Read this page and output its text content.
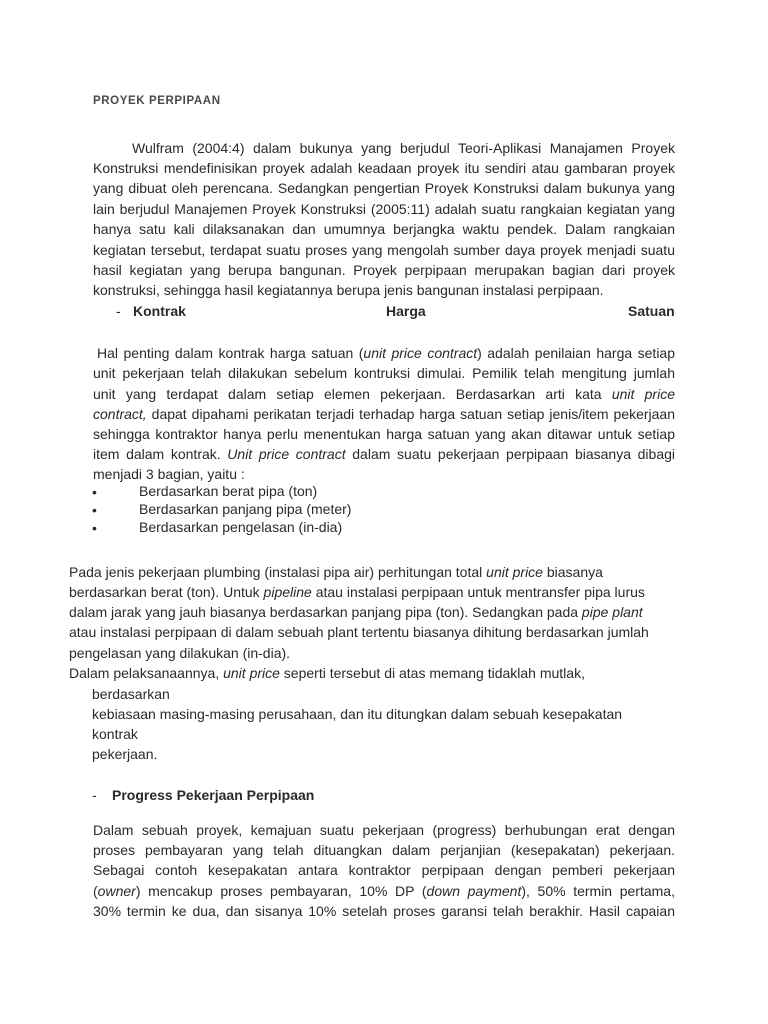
PROYEK PERPIPAAN
Wulfram (2004:4) dalam bukunya yang berjudul Teori-Aplikasi Manajamen Proyek
Konstruksi mendefinisikan proyek adalah keadaan proyek itu sendiri atau gambaran proyek
yang dibuat oleh perencana. Sedangkan pengertian Proyek Konstruksi dalam bukunya yang
lain berjudul Manajemen Proyek Konstruksi (2005:11) adalah suatu rangkaian kegiatan yang
hanya satu kali dilaksanakan dan umumnya berjangka waktu pendek. Dalam rangkaian
kegiatan tersebut, terdapat suatu proses yang mengolah sumber daya proyek menjadi suatu
hasil kegiatan yang berupa bangunan. Proyek perpipaan merupakan bagian dari proyek
konstruksi, sehingga hasil kegiatannya berupa jenis bangunan instalasi perpipaan.
- Kontrak	Harga	Satuan
Hal penting dalam kontrak harga satuan (unit price contract) adalah penilaian harga setiap
unit pekerjaan telah dilakukan sebelum kontruksi dimulai. Pemilik telah mengitung jumlah
unit yang terdapat dalam setiap elemen pekerjaan. Berdasarkan arti kata unit price
contract, dapat dipahami perikatan terjadi terhadap harga satuan setiap jenis/item pekerjaan
sehingga kontraktor hanya perlu menentukan harga satuan yang akan ditawar untuk setiap
item dalam kontrak. Unit price contract dalam suatu pekerjaan perpipaan biasanya dibagi
menjadi 3 bagian, yaitu :
•	Berdasarkan berat pipa (ton)
•	Berdasarkan panjang pipa (meter)
•	Berdasarkan pengelasan (in-dia)
Pada jenis pekerjaan plumbing (instalasi pipa air) perhitungan total unit price biasanya
berdasarkan berat (ton). Untuk pipeline atau instalasi perpipaan untuk mentransfer pipa lurus
dalam jarak yang jauh biasanya berdasarkan panjang pipa (ton). Sedangkan pada pipe plant
atau instalasi perpipaan di dalam sebuah plant tertentu biasanya dihitung berdasarkan jumlah
pengelasan yang dilakukan (in-dia).
Dalam pelaksanaannya, unit price seperti tersebut di atas memang tidaklah mutlak,
berdasarkan
kebiasaan masing-masing perusahaan, dan itu ditungkan dalam sebuah kesepakatan
kontrak
pekerjaan.
- Progress Pekerjaan Perpipaan
Dalam sebuah proyek, kemajuan suatu pekerjaan (progress) berhubungan erat dengan
proses pembayaran yang telah dituangkan dalam perjanjian (kesepakatan) pekerjaan.
Sebagai contoh kesepakatan antara kontraktor perpipaan dengan pemberi pekerjaan
(owner) mencakup proses pembayaran, 10% DP (down payment), 50% termin pertama,
30% termin ke dua, dan sisanya 10% setelah proses garansi telah berakhir. Hasil capaian
